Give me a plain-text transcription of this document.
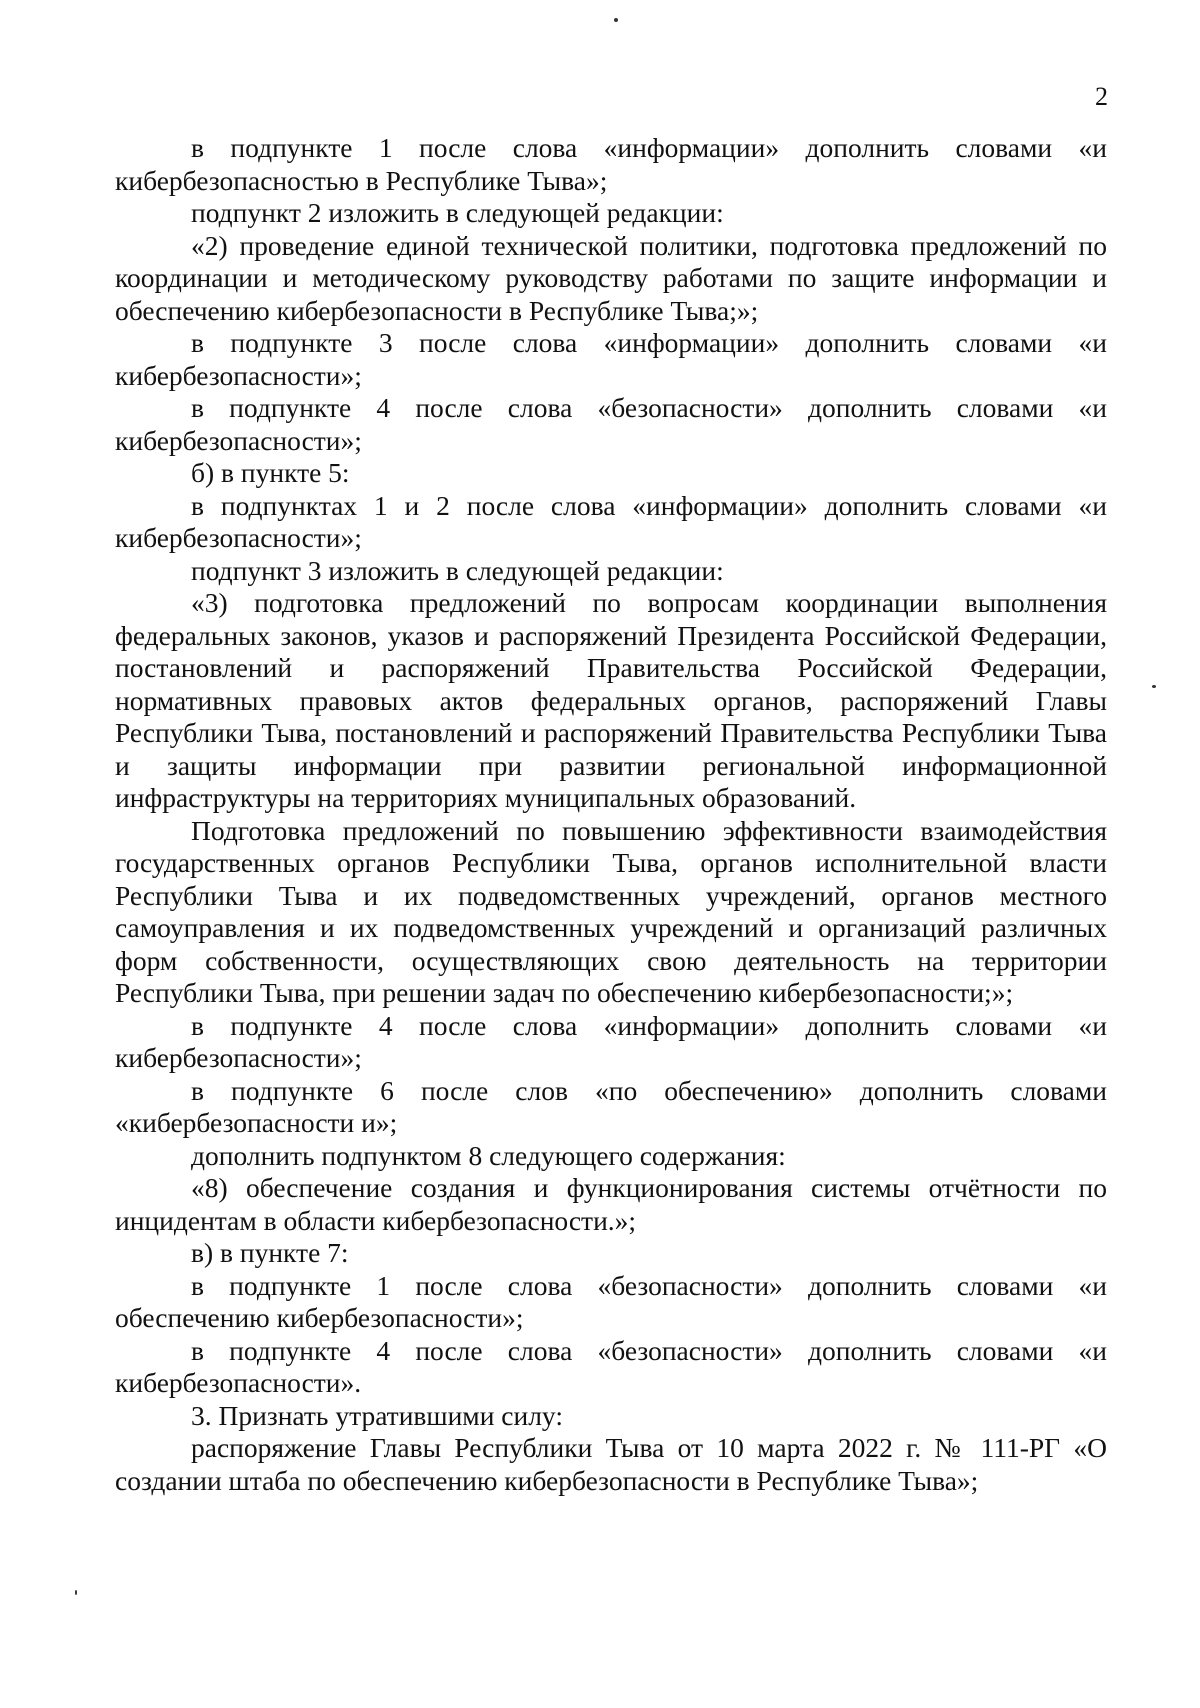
2

в подпункте 1 после слова «информации» дополнить словами «и кибербезопасностью в Республике Тыва»;

подпункт 2 изложить в следующей редакции:

«2) проведение единой технической политики, подготовка предложений по координации и методическому руководству работами по защите информации и обеспечению кибербезопасности в Республике Тыва;»;

в подпункте 3 после слова «информации» дополнить словами «и кибербезопасности»;

в подпункте 4 после слова «безопасности» дополнить словами «и кибербезопасности»;

б) в пункте 5:

в подпунктах 1 и 2 после слова «информации» дополнить словами «и кибербезопасности»;

подпункт 3 изложить в следующей редакции:

«3) подготовка предложений по вопросам координации выполнения федеральных законов, указов и распоряжений Президента Российской Федерации, постановлений и распоряжений Правительства Российской Федерации, нормативных правовых актов федеральных органов, распоряжений Главы Республики Тыва, постановлений и распоряжений Правительства Республики Тыва и защиты информации при развитии региональной информационной инфраструктуры на территориях муниципальных образований.

Подготовка предложений по повышению эффективности взаимодействия государственных органов Республики Тыва, органов исполнительной власти Республики Тыва и их подведомственных учреждений, органов местного самоуправления и их подведомственных учреждений и организаций различных форм собственности, осуществляющих свою деятельность на территории Республики Тыва, при решении задач по обеспечению кибербезопасности;»;

в подпункте 4 после слова «информации» дополнить словами «и кибербезопасности»;

в подпункте 6 после слов «по обеспечению» дополнить словами «кибербезопасности и»;

дополнить подпунктом 8 следующего содержания:

«8) обеспечение создания и функционирования системы отчётности по инцидентам в области кибербезопасности.»;

в) в пункте 7:

в подпункте 1 после слова «безопасности» дополнить словами «и обеспечению кибербезопасности»;

в подпункте 4 после слова «безопасности» дополнить словами «и кибербезопасности».

3. Признать утратившими силу:

распоряжение Главы Республики Тыва от 10 марта 2022 г. № 111-РГ «О создании штаба по обеспечению кибербезопасности в Республике Тыва»;
